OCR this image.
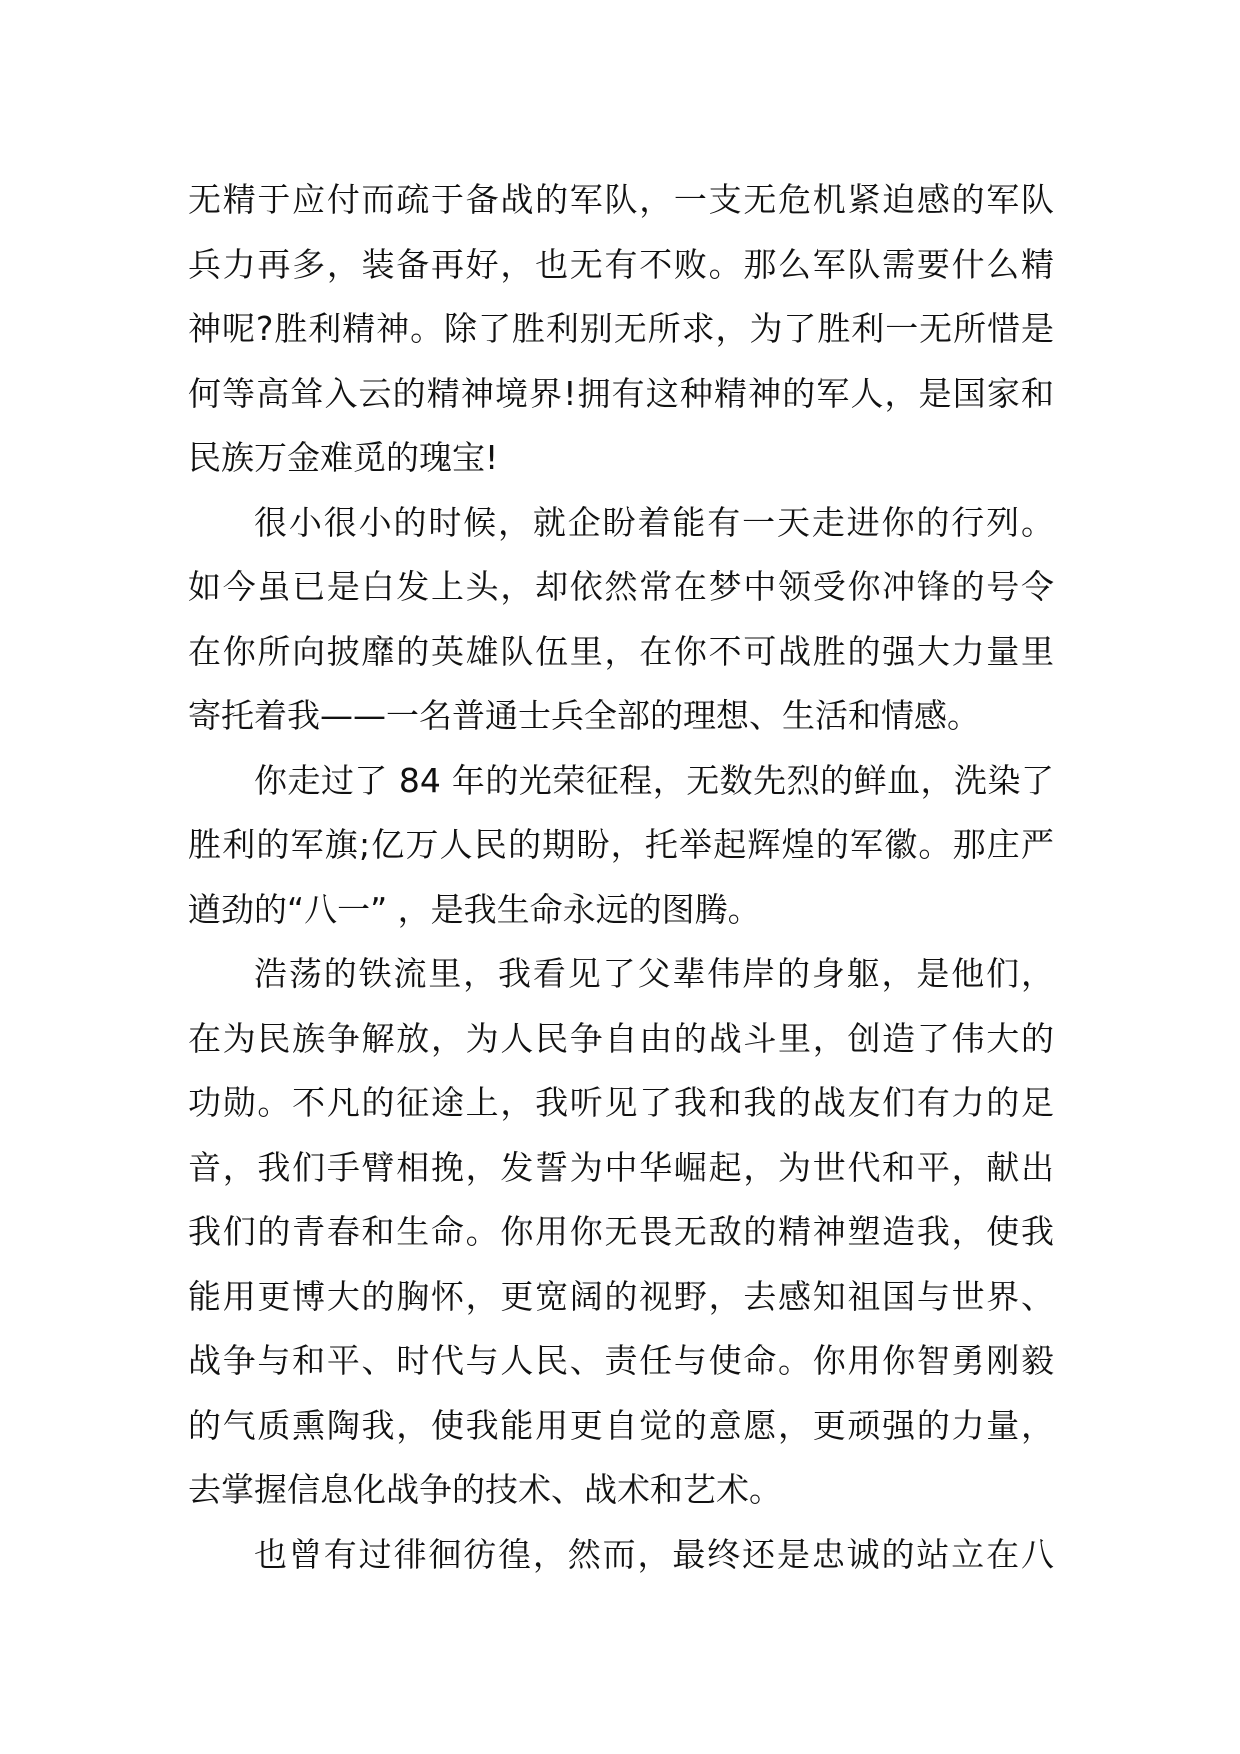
无精于应付而疏于备战的军队，一支无危机紧迫感的军队
兵力再多，装备再好，也无有不败。那么军队需要什么精
神呢?胜利精神。除了胜利别无所求，为了胜利一无所惜是
何等高耸入云的精神境界!拥有这种精神的军人，是国家和
民族万金难觅的瑰宝!
很小很小的时候，就企盼着能有一天走进你的行列。
如今虽已是白发上头，却依然常在梦中领受你冲锋的号令
在你所向披靡的英雄队伍里，在你不可战胜的强大力量里
寄托着我——一名普通士兵全部的理想、生活和情感。
你走过了 84 年的光荣征程，无数先烈的鲜血，洗染了
胜利的军旗;亿万人民的期盼，托举起辉煌的军徽。那庄严
遒劲的“八一” ，是我生命永远的图腾。
浩荡的铁流里，我看见了父辈伟岸的身躯，是他们，
在为民族争解放，为人民争自由的战斗里，创造了伟大的
功勋。不凡的征途上，我听见了我和我的战友们有力的足
音，我们手臂相挽，发誓为中华崛起，为世代和平，献出
我们的青春和生命。你用你无畏无敌的精神塑造我，使我
能用更博大的胸怀，更宽阔的视野，去感知祖国与世界、
战争与和平、时代与人民、责任与使命。你用你智勇刚毅
的气质熏陶我，使我能用更自觉的意愿，更顽强的力量，
去掌握信息化战争的技术、战术和艺术。
也曾有过徘徊彷徨，然而，最终还是忠诚的站立在八
